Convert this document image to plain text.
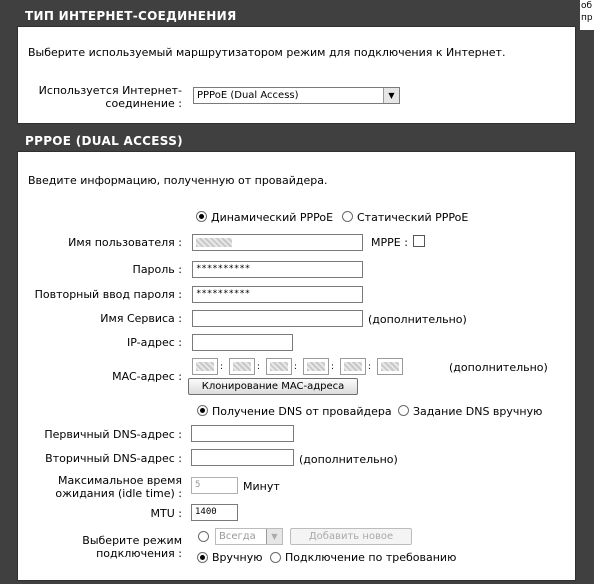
об
пр
ТИП ИНТЕРНЕТ-СОЕДИНЕНИЯ
Выберите используемый маршрутизатором режим для подключения к Интернет.
Используется Интернет-
соединение :
PPPoE (Dual Access)	▼
PPPOE (DUAL ACCESS)
Введите информацию, полученную от провайдера.
Динамический PPPoE Статический PPPoE
Имя пользователя :	MPPE :
Пароль :	**********
Повторный ввод пароля :	**********
Имя Сервиса :	(дополнительно)
IP-адрес :
MAC-адрес :
:	:	:	:	:	(дополнительно)
Клонирование MAC-адреса
Получение DNS от провайдера Задание DNS вручную
Первичный DNS-адрес :
Вторичный DNS-адрес :	(дополнительно)
Максимальное время
ожидания (idle time) :
5	Минут
MTU :	1400
Выберите режим
подключения :
Всегда	▼	Добавить новое
Вручную Подключение по требованию
